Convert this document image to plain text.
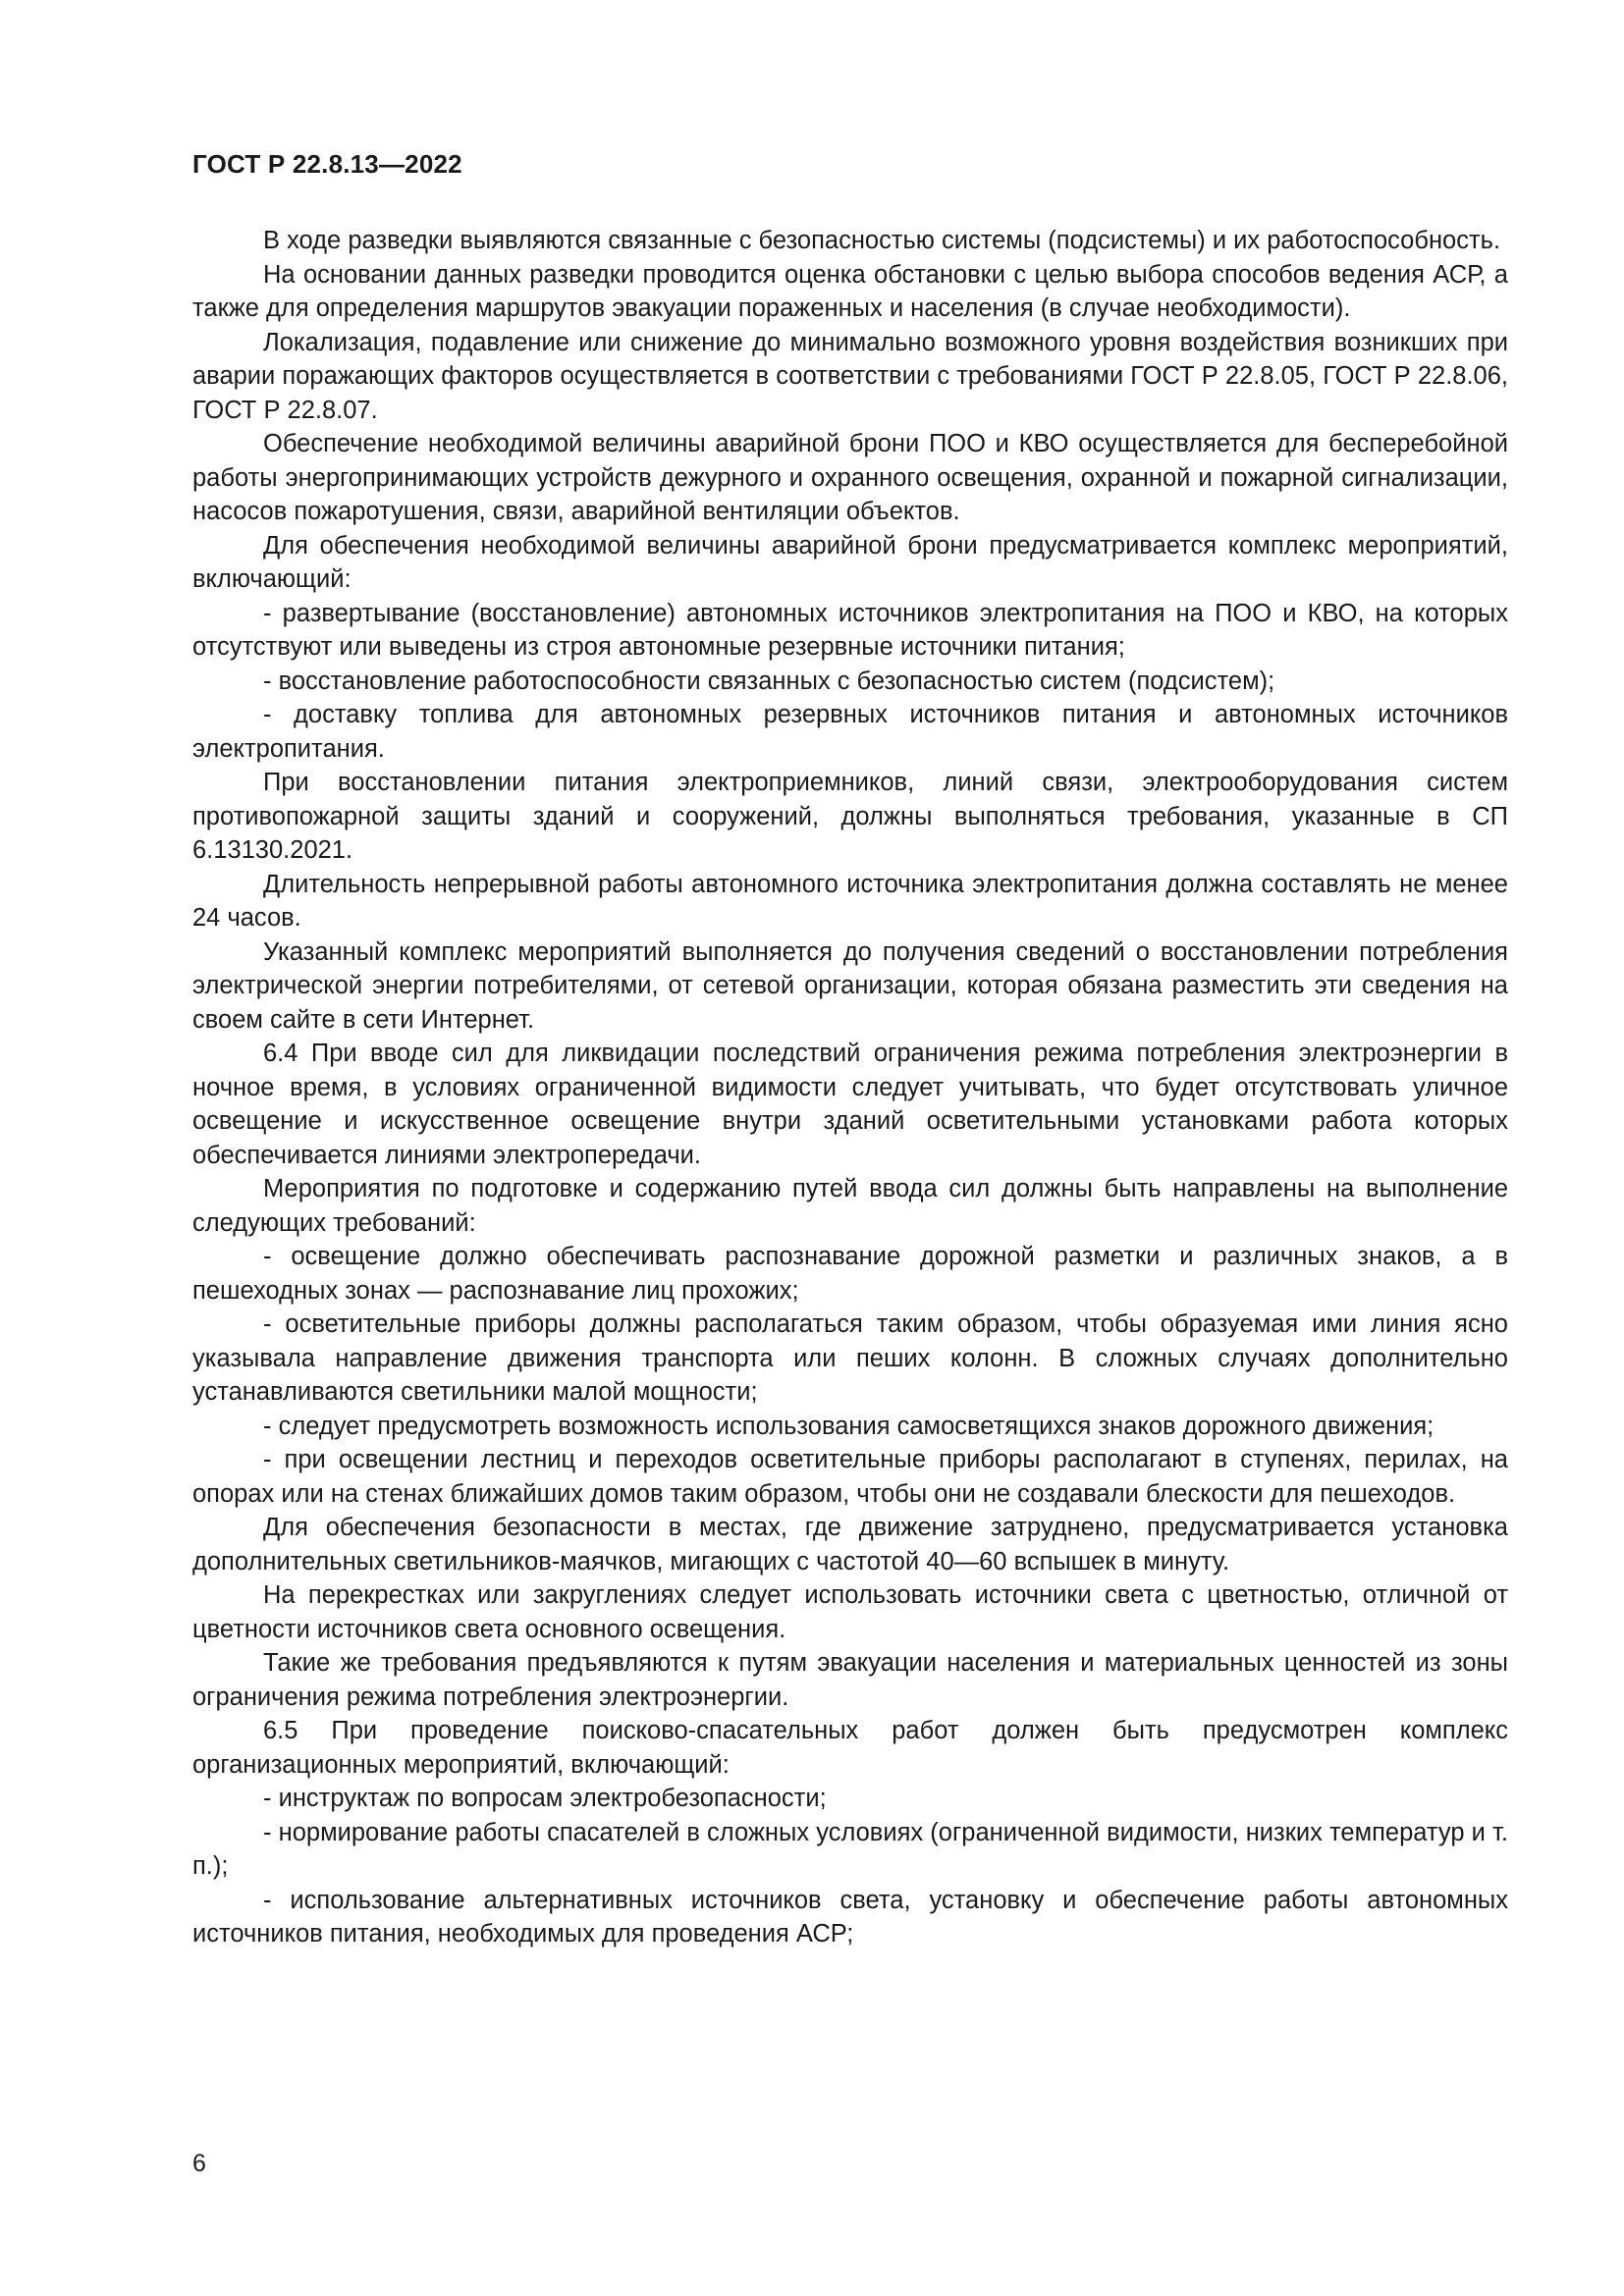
ГОСТ Р 22.8.13—2022

В ходе разведки выявляются связанные с безопасностью системы (подсистемы) и их работоспособность.

На основании данных разведки проводится оценка обстановки с целью выбора способов ведения АСР, а также для определения маршрутов эвакуации пораженных и населения (в случае необходимости).

Локализация, подавление или снижение до минимально возможного уровня воздействия возникших при аварии поражающих факторов осуществляется в соответствии с требованиями ГОСТ Р 22.8.05, ГОСТ Р 22.8.06, ГОСТ Р 22.8.07.

Обеспечение необходимой величины аварийной брони ПОО и КВО осуществляется для бесперебойной работы энергопринимающих устройств дежурного и охранного освещения, охранной и пожарной сигнализации, насосов пожаротушения, связи, аварийной вентиляции объектов.

Для обеспечения необходимой величины аварийной брони предусматривается комплекс мероприятий, включающий:

- развертывание (восстановление) автономных источников электропитания на ПОО и КВО, на которых отсутствуют или выведены из строя автономные резервные источники питания;

- восстановление работоспособности связанных с безопасностью систем (подсистем);

- доставку топлива для автономных резервных источников питания и автономных источников электропитания.

При восстановлении питания электроприемников, линий связи, электрооборудования систем противопожарной защиты зданий и сооружений, должны выполняться требования, указанные в СП 6.13130.2021.

Длительность непрерывной работы автономного источника электропитания должна составлять не менее 24 часов.

Указанный комплекс мероприятий выполняется до получения сведений о восстановлении потребления электрической энергии потребителями, от сетевой организации, которая обязана разместить эти сведения на своем сайте в сети Интернет.

6.4 При вводе сил для ликвидации последствий ограничения режима потребления электроэнергии в ночное время, в условиях ограниченной видимости следует учитывать, что будет отсутствовать уличное освещение и искусственное освещение внутри зданий осветительными установками работа которых обеспечивается линиями электропередачи.

Мероприятия по подготовке и содержанию путей ввода сил должны быть направлены на выполнение следующих требований:

- освещение должно обеспечивать распознавание дорожной разметки и различных знаков, а в пешеходных зонах — распознавание лиц прохожих;

- осветительные приборы должны располагаться таким образом, чтобы образуемая ими линия ясно указывала направление движения транспорта или пеших колонн. В сложных случаях дополнительно устанавливаются светильники малой мощности;

- следует предусмотреть возможность использования самосветящихся знаков дорожного движения;

- при освещении лестниц и переходов осветительные приборы располагают в ступенях, перилах, на опорах или на стенах ближайших домов таким образом, чтобы они не создавали блескости для пешеходов.

Для обеспечения безопасности в местах, где движение затруднено, предусматривается установка дополнительных светильников-маячков, мигающих с частотой 40—60 вспышек в минуту.

На перекрестках или закруглениях следует использовать источники света с цветностью, отличной от цветности источников света основного освещения.

Такие же требования предъявляются к путям эвакуации населения и материальных ценностей из зоны ограничения режима потребления электроэнергии.

6.5 При проведение поисково-спасательных работ должен быть предусмотрен комплекс организационных мероприятий, включающий:

- инструктаж по вопросам электробезопасности;

- нормирование работы спасателей в сложных условиях (ограниченной видимости, низких температур и т. п.);

- использование альтернативных источников света, установку и обеспечение работы автономных источников питания, необходимых для проведения АСР;

6
